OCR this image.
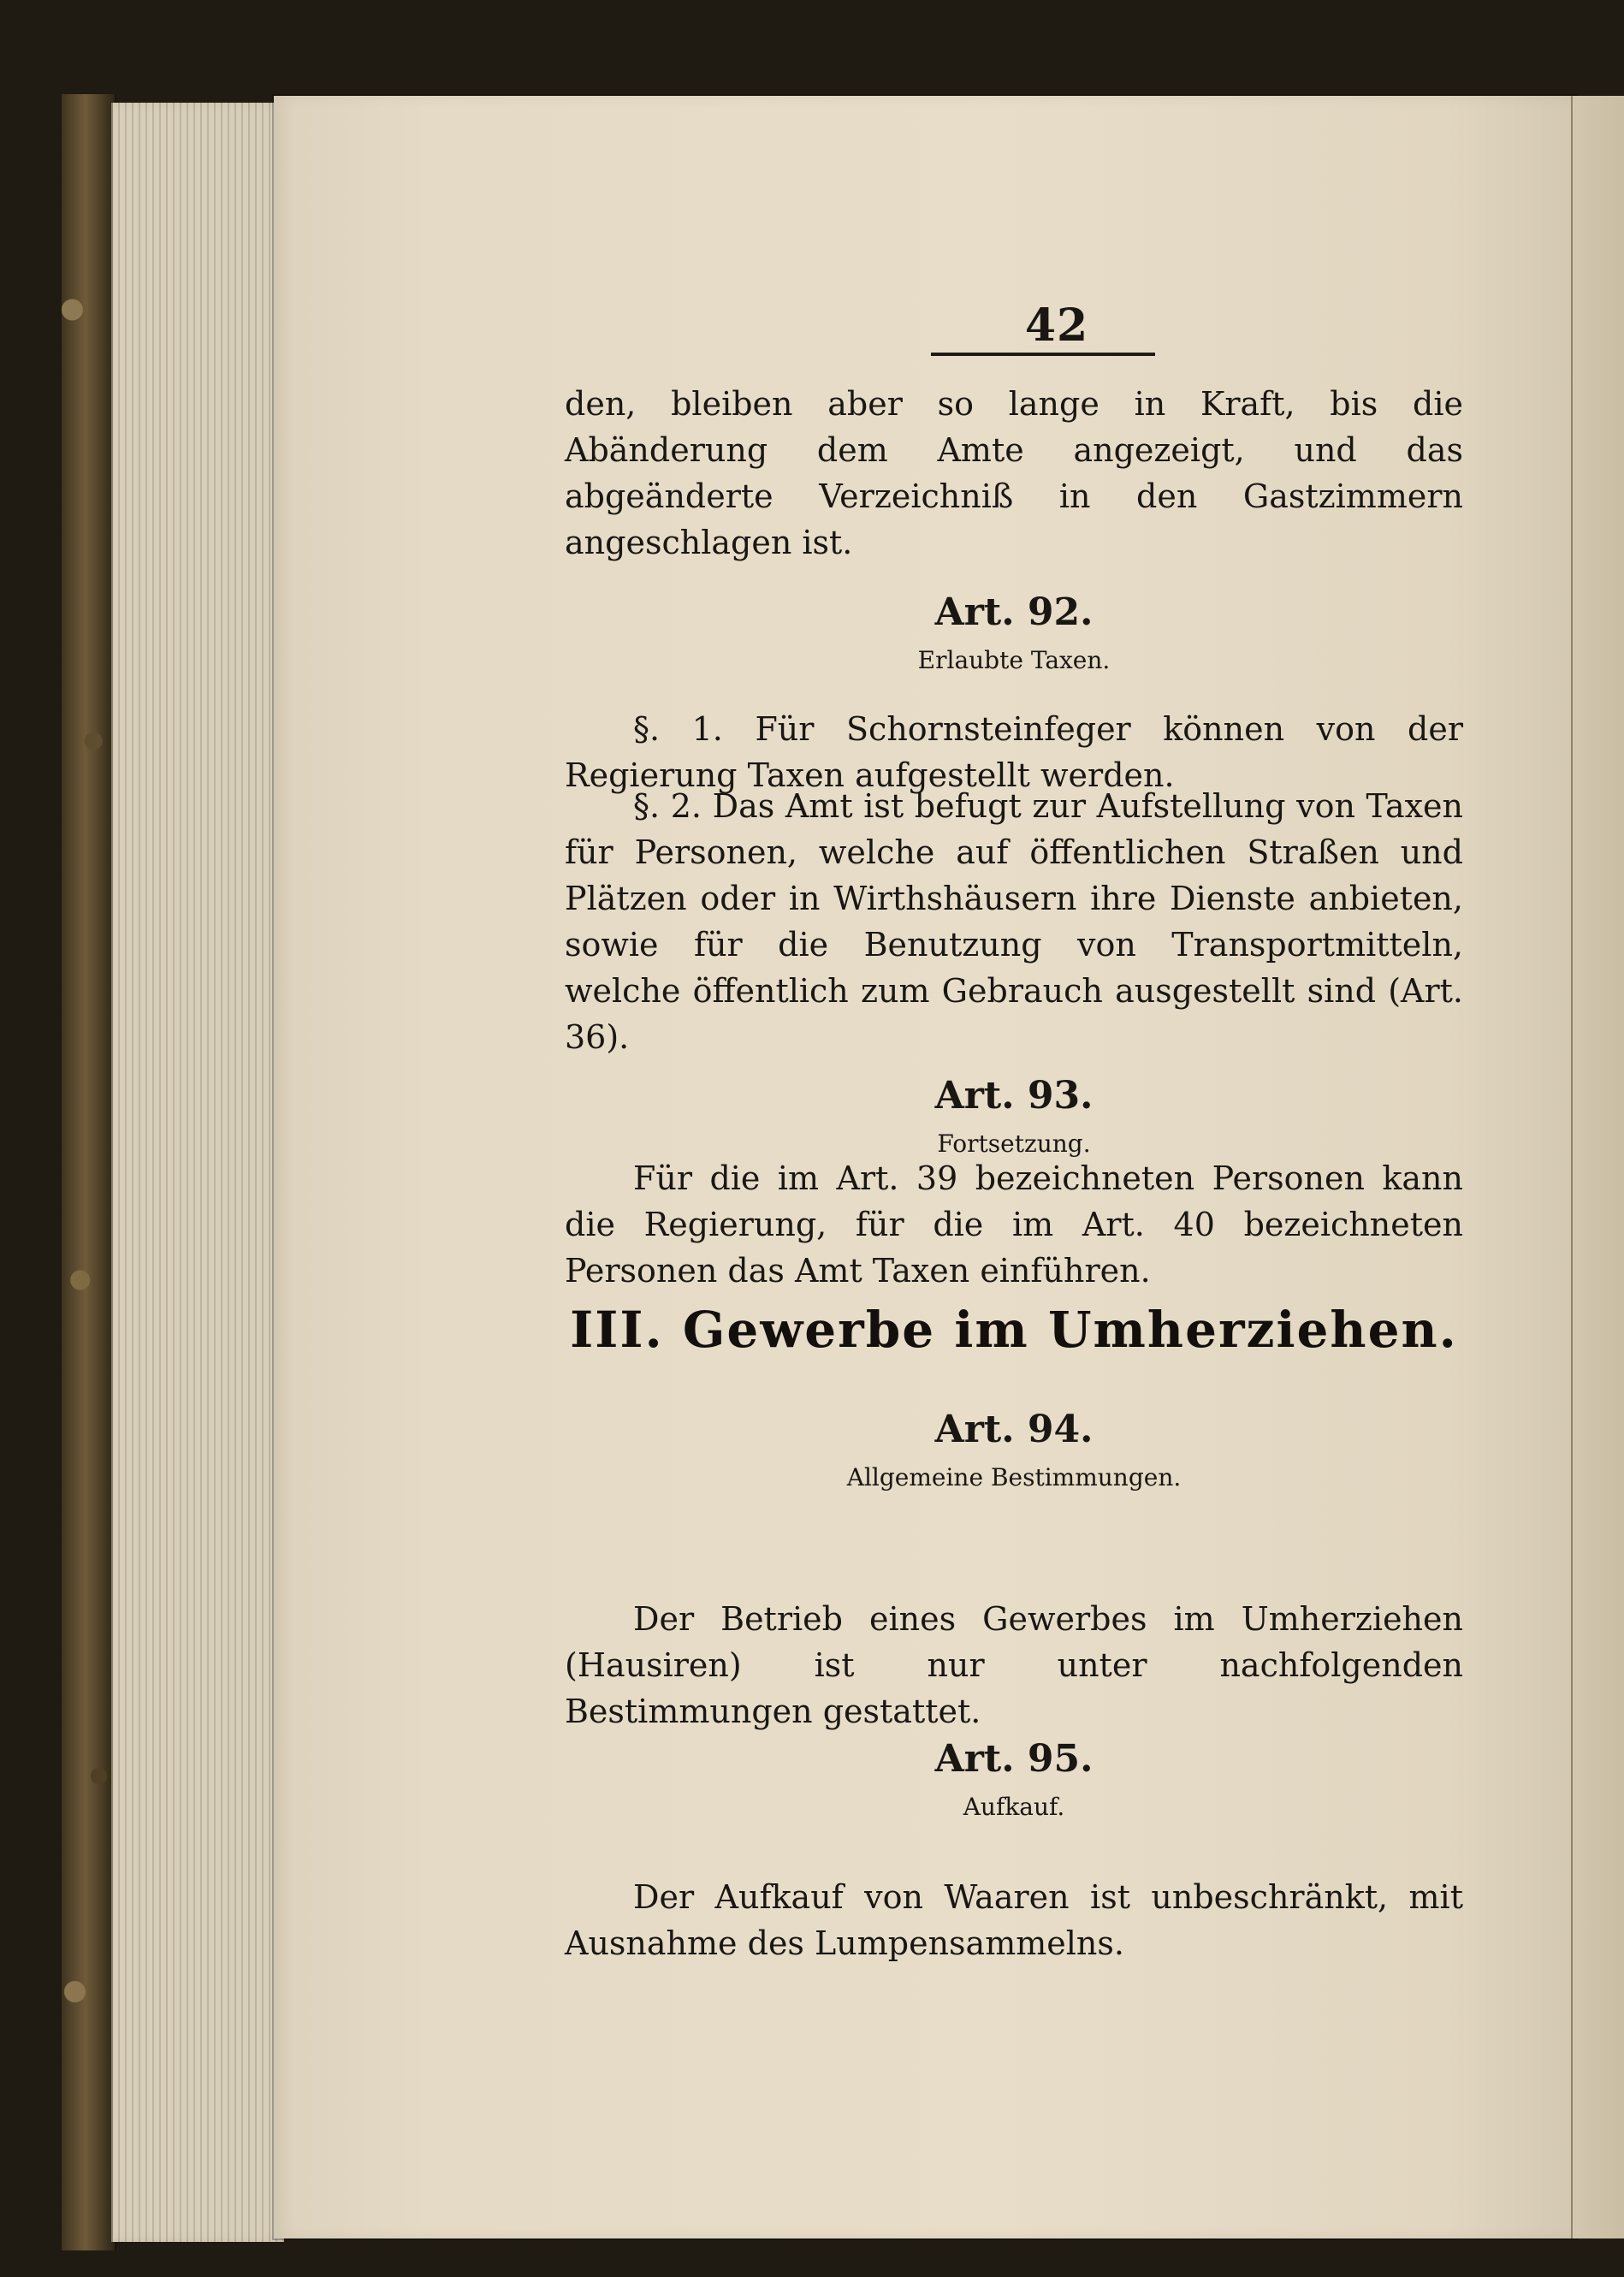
42
den, bleiben aber so lange in Kraft, bis die Abänderung dem Amte angezeigt, und das abgeänderte Verzeichniß in den Gastzimmern angeschlagen ist.
Art. 92.
Erlaubte Taxen.
§. 1. Für Schornsteinfeger können von der Regierung Taxen aufgestellt werden.
§. 2. Das Amt ist befugt zur Aufstellung von Taxen für Personen, welche auf öffentlichen Straßen und Plätzen oder in Wirthshäusern ihre Dienste anbieten, sowie für die Benutzung von Transportmitteln, welche öffentlich zum Gebrauch ausgestellt sind (Art. 36).
Art. 93.
Fortsetzung.
Für die im Art. 39 bezeichneten Personen kann die Regierung, für die im Art. 40 bezeichneten Personen das Amt Taxen einführen.
III. Gewerbe im Umherziehen.
Art. 94.
Allgemeine Bestimmungen.
Der Betrieb eines Gewerbes im Umherziehen (Hausiren) ist nur unter nachfolgenden Bestimmungen gestattet.
Art. 95.
Aufkauf.
Der Aufkauf von Waaren ist unbeschränkt, mit Ausnahme des Lumpensammelns.
